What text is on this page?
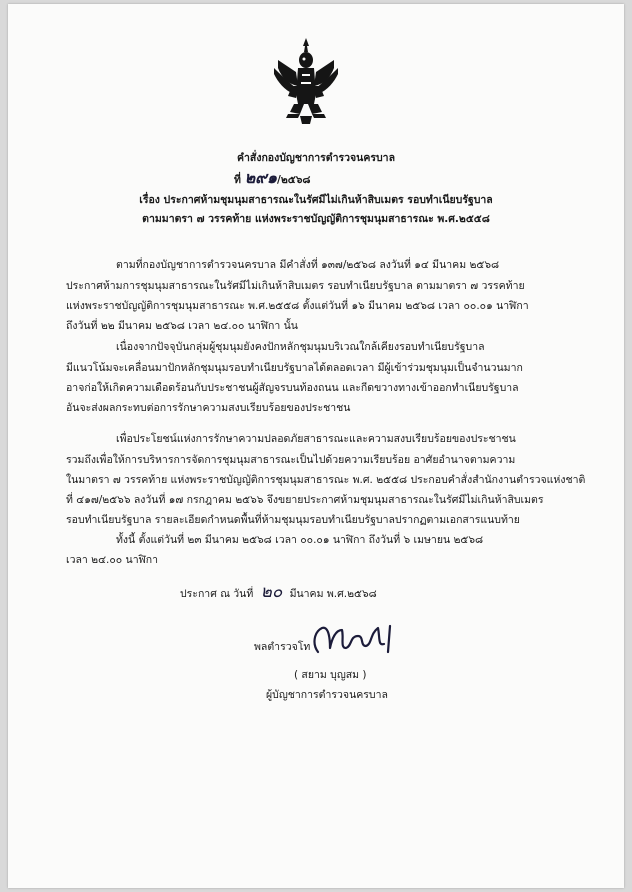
คำสั่งกองบัญชาการตำรวจนครบาล
ที่ ๒๙๑/๒๕๖๘
เรื่อง ประกาศห้ามชุมนุมสาธารณะในรัศมีไม่เกินห้าสิบเมตร รอบทำเนียบรัฐบาล
ตามมาตรา ๗ วรรคท้าย แห่งพระราชบัญญัติการชุมนุมสาธารณะ พ.ศ.๒๕๕๘
ตามที่กองบัญชาการตำรวจนครบาล มีคำสั่งที่ ๑๓๗/๒๕๖๘ ลงวันที่ ๑๔ มีนาคม ๒๕๖๘
ประกาศห้ามการชุมนุมสาธารณะในรัศมีไม่เกินห้าสิบเมตร รอบทำเนียบรัฐบาล ตามมาตรา ๗ วรรคท้าย
แห่งพระราชบัญญัติการชุมนุมสาธารณะ พ.ศ.๒๕๕๘ ตั้งแต่วันที่ ๑๖ มีนาคม ๒๕๖๘ เวลา ๐๐.๐๑ นาฬิกา
ถึงวันที่ ๒๒ มีนาคม ๒๕๖๘ เวลา ๒๔.๐๐ นาฬิกา นั้น
เนื่องจากปัจจุบันกลุ่มผู้ชุมนุมยังคงปักหลักชุมนุมบริเวณใกล้เคียงรอบทำเนียบรัฐบาล
มีแนวโน้มจะเคลื่อนมาปักหลักชุมนุมรอบทำเนียบรัฐบาลได้ตลอดเวลา มีผู้เข้าร่วมชุมนุมเป็นจำนวนมาก
อาจก่อให้เกิดความเดือดร้อนกับประชาชนผู้สัญจรบนท้องถนน และกีดขวางทางเข้าออกทำเนียบรัฐบาล
อันจะส่งผลกระทบต่อการรักษาความสงบเรียบร้อยของประชาชน
เพื่อประโยชน์แห่งการรักษาความปลอดภัยสาธารณะและความสงบเรียบร้อยของประชาชน
รวมถึงเพื่อให้การบริหารการจัดการชุมนุมสาธารณะเป็นไปด้วยความเรียบร้อย อาศัยอำนาจตามความ
ในมาตรา ๗ วรรคท้าย แห่งพระราชบัญญัติการชุมนุมสาธารณะ พ.ศ. ๒๕๕๘ ประกอบคำสั่งสำนักงานตำรวจแห่งชาติ
ที่ ๔๑๗/๒๕๖๖ ลงวันที่ ๑๗ กรกฎาคม ๒๕๖๖ จึงขยายประกาศห้ามชุมนุมสาธารณะในรัศมีไม่เกินห้าสิบเมตร
รอบทำเนียบรัฐบาล รายละเอียดกำหนดพื้นที่ห้ามชุมนุมรอบทำเนียบรัฐบาลปรากฏตามเอกสารแนบท้าย
ทั้งนี้ ตั้งแต่วันที่ ๒๓ มีนาคม ๒๕๖๘ เวลา ๐๐.๐๑ นาฬิกา ถึงวันที่ ๖ เมษายน ๒๕๖๘
เวลา ๒๔.๐๐ นาฬิกา
ประกาศ ณ วันที่ ๒๐ มีนาคม พ.ศ.๒๕๖๘
พลตำรวจโท
( สยาม บุญสม )
ผู้บัญชาการตำรวจนครบาล
